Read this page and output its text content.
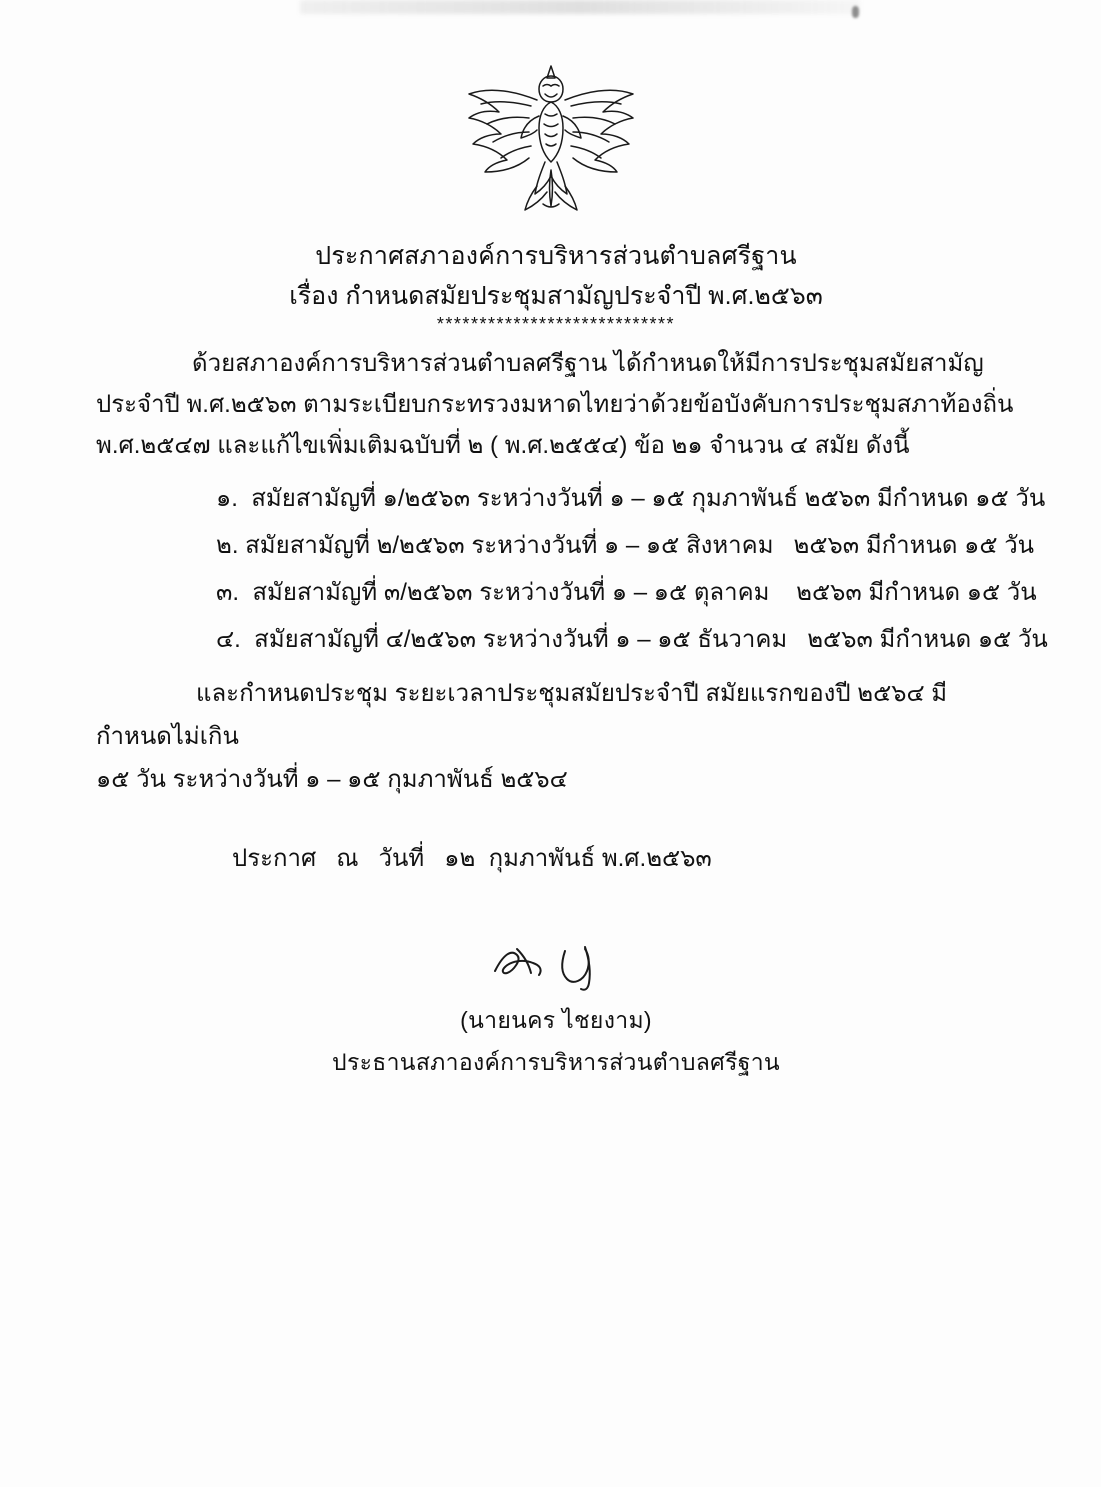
ประกาศสภาองค์การบริหารส่วนตำบลศรีฐาน
เรื่อง กำหนดสมัยประชุมสามัญประจำปี พ.ศ.๒๕๖๓
****************************
ด้วยสภาองค์การบริหารส่วนตำบลศรีฐาน ได้กำหนดให้มีการประชุมสมัยสามัญประจำปี พ.ศ.๒๕๖๓ ตามระเบียบกระทรวงมหาดไทยว่าด้วยข้อบังคับการประชุมสภาท้องถิ่น พ.ศ.๒๕๔๗ และแก้ไขเพิ่มเติมฉบับที่ ๒ ( พ.ศ.๒๕๕๔) ข้อ ๒๑ จำนวน ๔ สมัย ดังนี้
๑.  สมัยสามัญที่ ๑/๒๕๖๓ ระหว่างวันที่ ๑ – ๑๕ กุมภาพันธ์ ๒๕๖๓ มีกำหนด ๑๕ วัน
๒. สมัยสามัญที่ ๒/๒๕๖๓ ระหว่างวันที่ ๑ – ๑๕ สิงหาคม   ๒๕๖๓ มีกำหนด ๑๕ วัน
๓.  สมัยสามัญที่ ๓/๒๕๖๓ ระหว่างวันที่ ๑ – ๑๕ ตุลาคม    ๒๕๖๓ มีกำหนด ๑๕ วัน
๔.  สมัยสามัญที่ ๔/๒๕๖๓ ระหว่างวันที่ ๑ – ๑๕ ธันวาคม   ๒๕๖๓ มีกำหนด ๑๕ วัน
และกำหนดประชุม ระยะเวลาประชุมสมัยประจำปี สมัยแรกของปี ๒๕๖๔ มีกำหนดไม่เกิน
๑๕ วัน ระหว่างวันที่ ๑ – ๑๕ กุมภาพันธ์ ๒๕๖๔
ประกาศ   ณ   วันที่   ๑๒  กุมภาพันธ์ พ.ศ.๒๕๖๓
(นายนคร ไชยงาม)
ประธานสภาองค์การบริหารส่วนตำบลศรีฐาน
